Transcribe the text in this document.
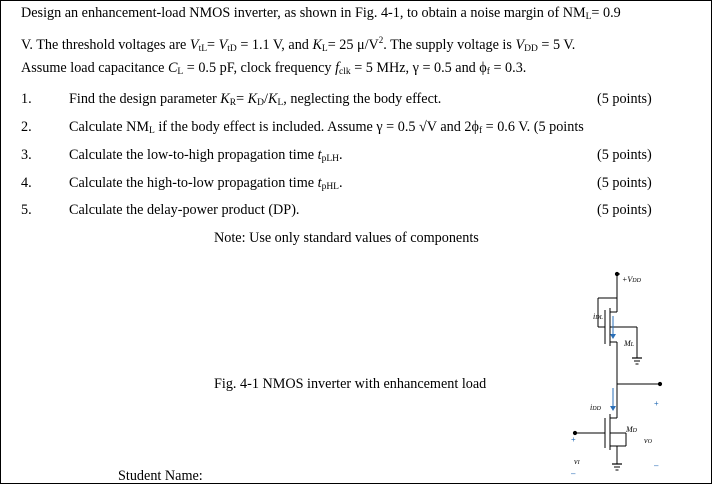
Design an enhancement-load NMOS inverter, as shown in Fig. 4-1, to obtain a noise margin of $NM_L= 0.9$
V. The threshold voltages are $V_{tL}= V_{tD} = 1.1$ V, and $K_L= 25$ $\mu/V^2$. The supply voltage is $V_{DD} = 5$ V.
Assume load capacitance $C_L = 0.5$ pF, clock frequency $f_{clk} = 5$ MHz, γ = 0.5 and $\phi_f = 0.3$.
1.	Find the design parameter $K_R= K_D/K_L$, neglecting the body effect.	(5 points)
2.	Calculate $NM_L$ if the body effect is included. Assume γ = 0.5 √V and $2\phi_f = 0.6$ V. (5 points
3.	Calculate the low-to-high propagation time $t_{pLH}$.	(5 points)
4.	Calculate the high-to-low propagation time $t_{pHL}$.	(5 points)
5.	Calculate the delay-power product (DP).	(5 points)
Note: Use only standard values of components
Fig. 4-1 NMOS inverter with enhancement load
+
–
+
–
+VDD
iDL
ML
iDD
MD
vO
vI
Student Name:
